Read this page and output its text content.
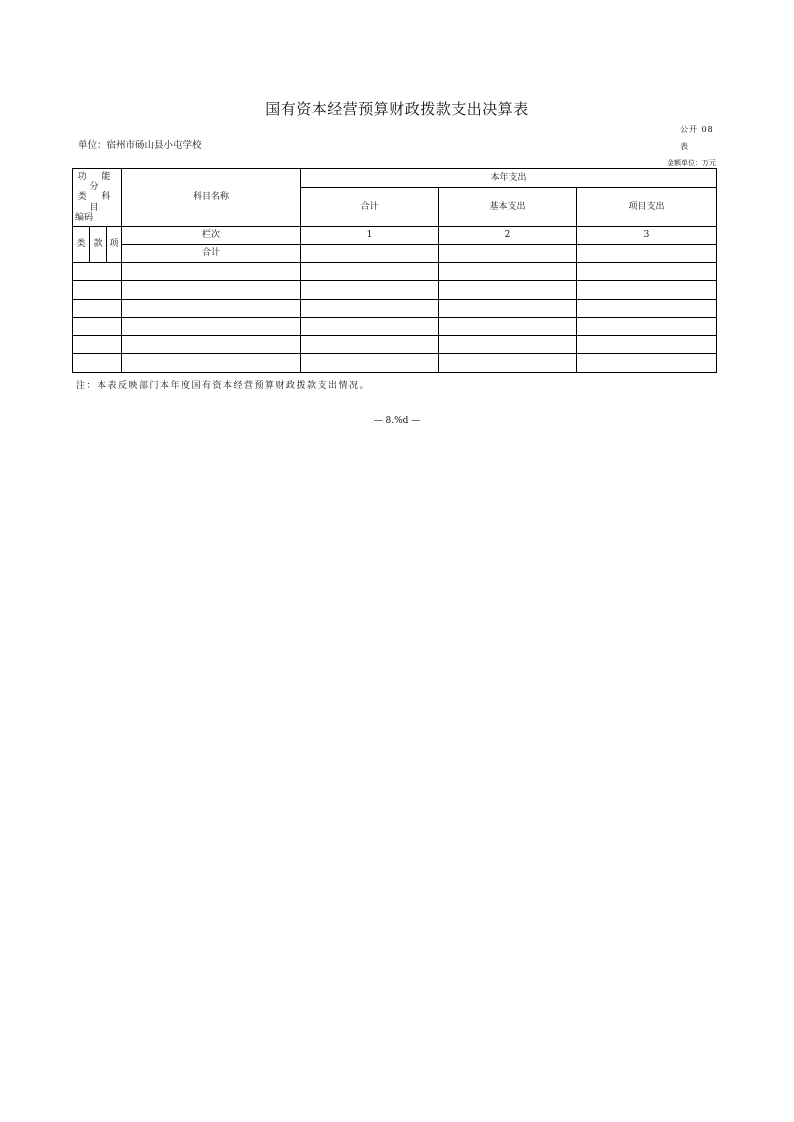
国有资本经营预算财政拨款支出决算表
公开 08
表
单位：宿州市砀山县小屯学校
金额单位：万元
功 能 分
类 科 目
编码			科目名称	本年支出		
				合计	基本支出	项目支出
类	款	项	栏次	1	2	3
			合计			

注：本表反映部门本年度国有资本经营预算财政拨款支出情况。
— 8.%d —
